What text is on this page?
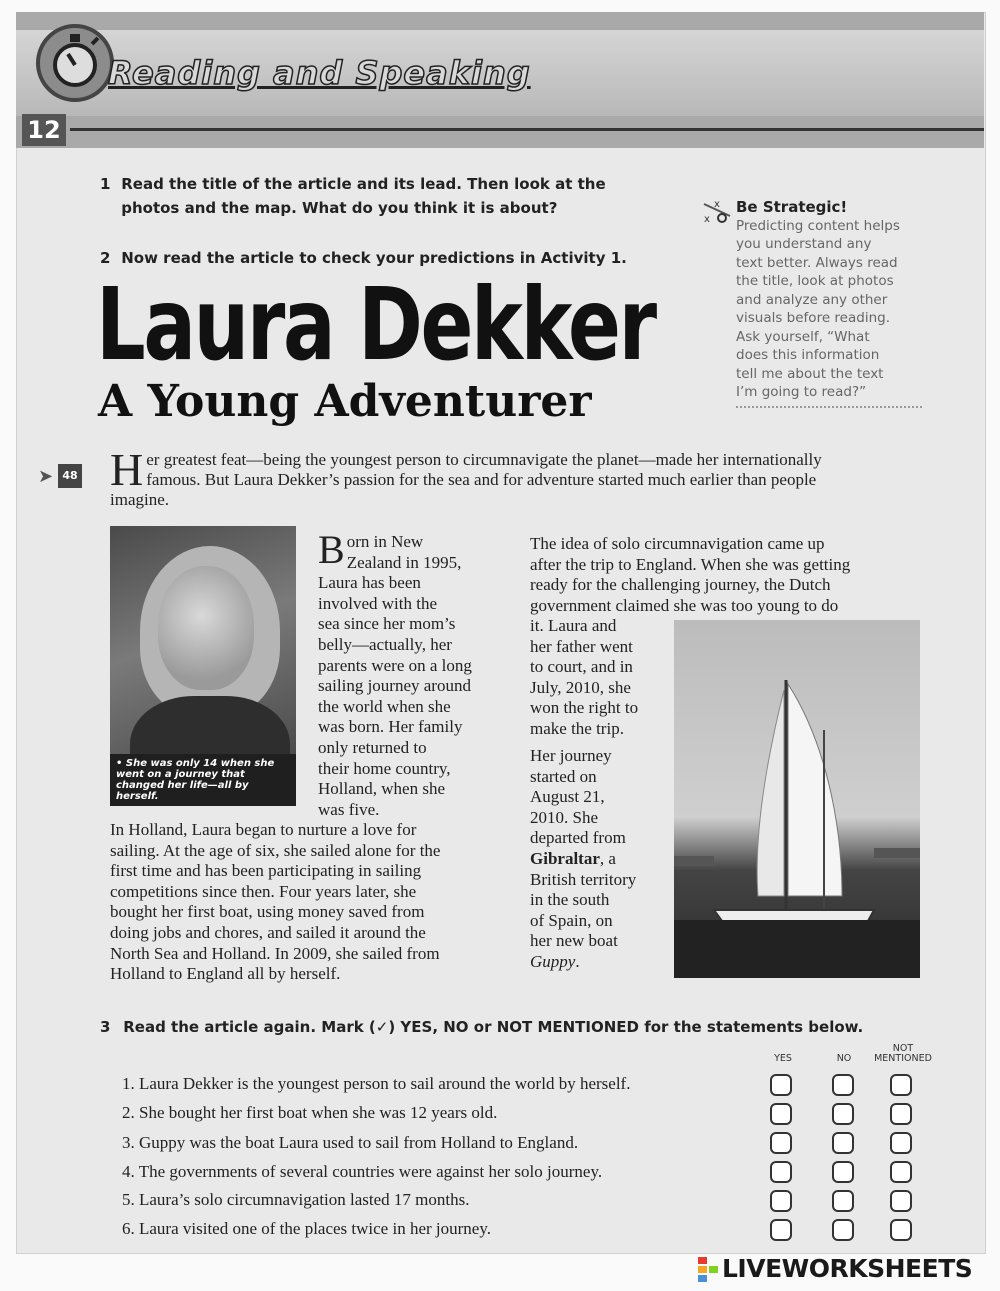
Reading and Speaking
12
1 Read the title of the article and its lead. Then look at the
photos and the map. What do you think it is about?
2 Now read the article to check your predictions in Activity 1.
x
x
Be Strategic!
Predicting content helps
you understand any
text better. Always read
the title, look at photos
and analyze any other
visuals before reading.
Ask yourself, “What
does this information
tell me about the text
I’m going to read?”
Laura Dekker
A Young Adventurer
➤ 48 H er greatest feat—being the youngest person to circumnavigate the planet—made her internationally famous. But Laura Dekker’s passion for the sea and for adventure started much earlier than people imagine.
• She was only 14 when she went on a journey that changed her life—all by herself.
B orn in New
Zealand in 1995,
Laura has been
involved with the
sea since her mom’s
belly—actually, her
parents were on a long
sailing journey around
the world when she
was born. Her family
only returned to
their home country,
Holland, when she
was five.
In Holland, Laura began to nurture a love for
sailing. At the age of six, she sailed alone for the
first time and has been participating in sailing
competitions since then. Four years later, she
bought her first boat, using money saved from
doing jobs and chores, and sailed it around the
North Sea and Holland. In 2009, she sailed from
Holland to England all by herself.
The idea of solo circumnavigation came up
after the trip to England. When she was getting
ready for the challenging journey, the Dutch
government claimed she was too young to do
it. Laura and
her father went
to court, and in
July, 2010, she
won the right to
make the trip.
Her journey
started on
August 21,
2010. She
departed from
Gibraltar, a
British territory
in the south
of Spain, on
her new boat
Guppy.
3 Read the article again. Mark (✓) YES, NO or NOT MENTIONED for the statements below.
YES	NO
NOT
MENTIONED
1. Laura Dekker is the youngest person to sail around the world by herself.
2. She bought her first boat when she was 12 years old.
3. Guppy was the boat Laura used to sail from Holland to England.
4. The governments of several countries were against her solo journey.
5. Laura’s solo circumnavigation lasted 17 months.
6. Laura visited one of the places twice in her journey.
LIVEWORKSHEETS
